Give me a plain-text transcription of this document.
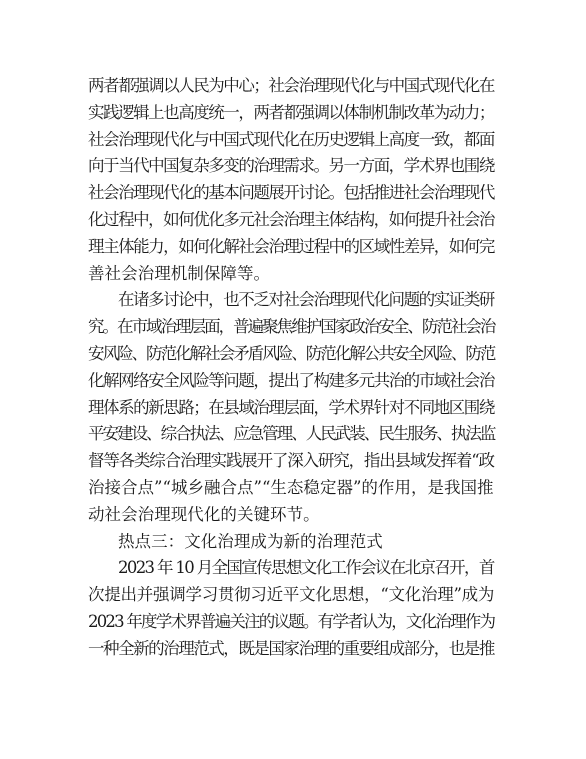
两者都强调以人民为中心；社会治理现代化与中国式现代化在
实践逻辑上也高度统一，两者都强调以体制机制改革为动力；
社会治理现代化与中国式现代化在历史逻辑上高度一致，都面
向于当代中国复杂多变的治理需求。另一方面，学术界也围绕
社会治理现代化的基本问题展开讨论。包括推进社会治理现代
化过程中，如何优化多元社会治理主体结构，如何提升社会治
理主体能力，如何化解社会治理过程中的区域性差异，如何完
善社会治理机制保障等。

在诸多讨论中，也不乏对社会治理现代化问题的实证类研
究。在市域治理层面，普遍聚焦维护国家政治安全、防范社会治
安风险、防范化解社会矛盾风险、防范化解公共安全风险、防范
化解网络安全风险等问题，提出了构建多元共治的市域社会治
理体系的新思路；在县域治理层面，学术界针对不同地区围绕
平安建设、综合执法、应急管理、人民武装、民生服务、执法监
督等各类综合治理实践展开了深入研究，指出县域发挥着“政
治接合点”“城乡融合点”“生态稳定器”的作用，是我国推
动社会治理现代化的关键环节。

热点三：文化治理成为新的治理范式

2023 年 10 月全国宣传思想文化工作会议在北京召开，首
次提出并强调学习贯彻习近平文化思想，“文化治理”成为
2023 年度学术界普遍关注的议题。有学者认为，文化治理作为
一种全新的治理范式，既是国家治理的重要组成部分，也是推
